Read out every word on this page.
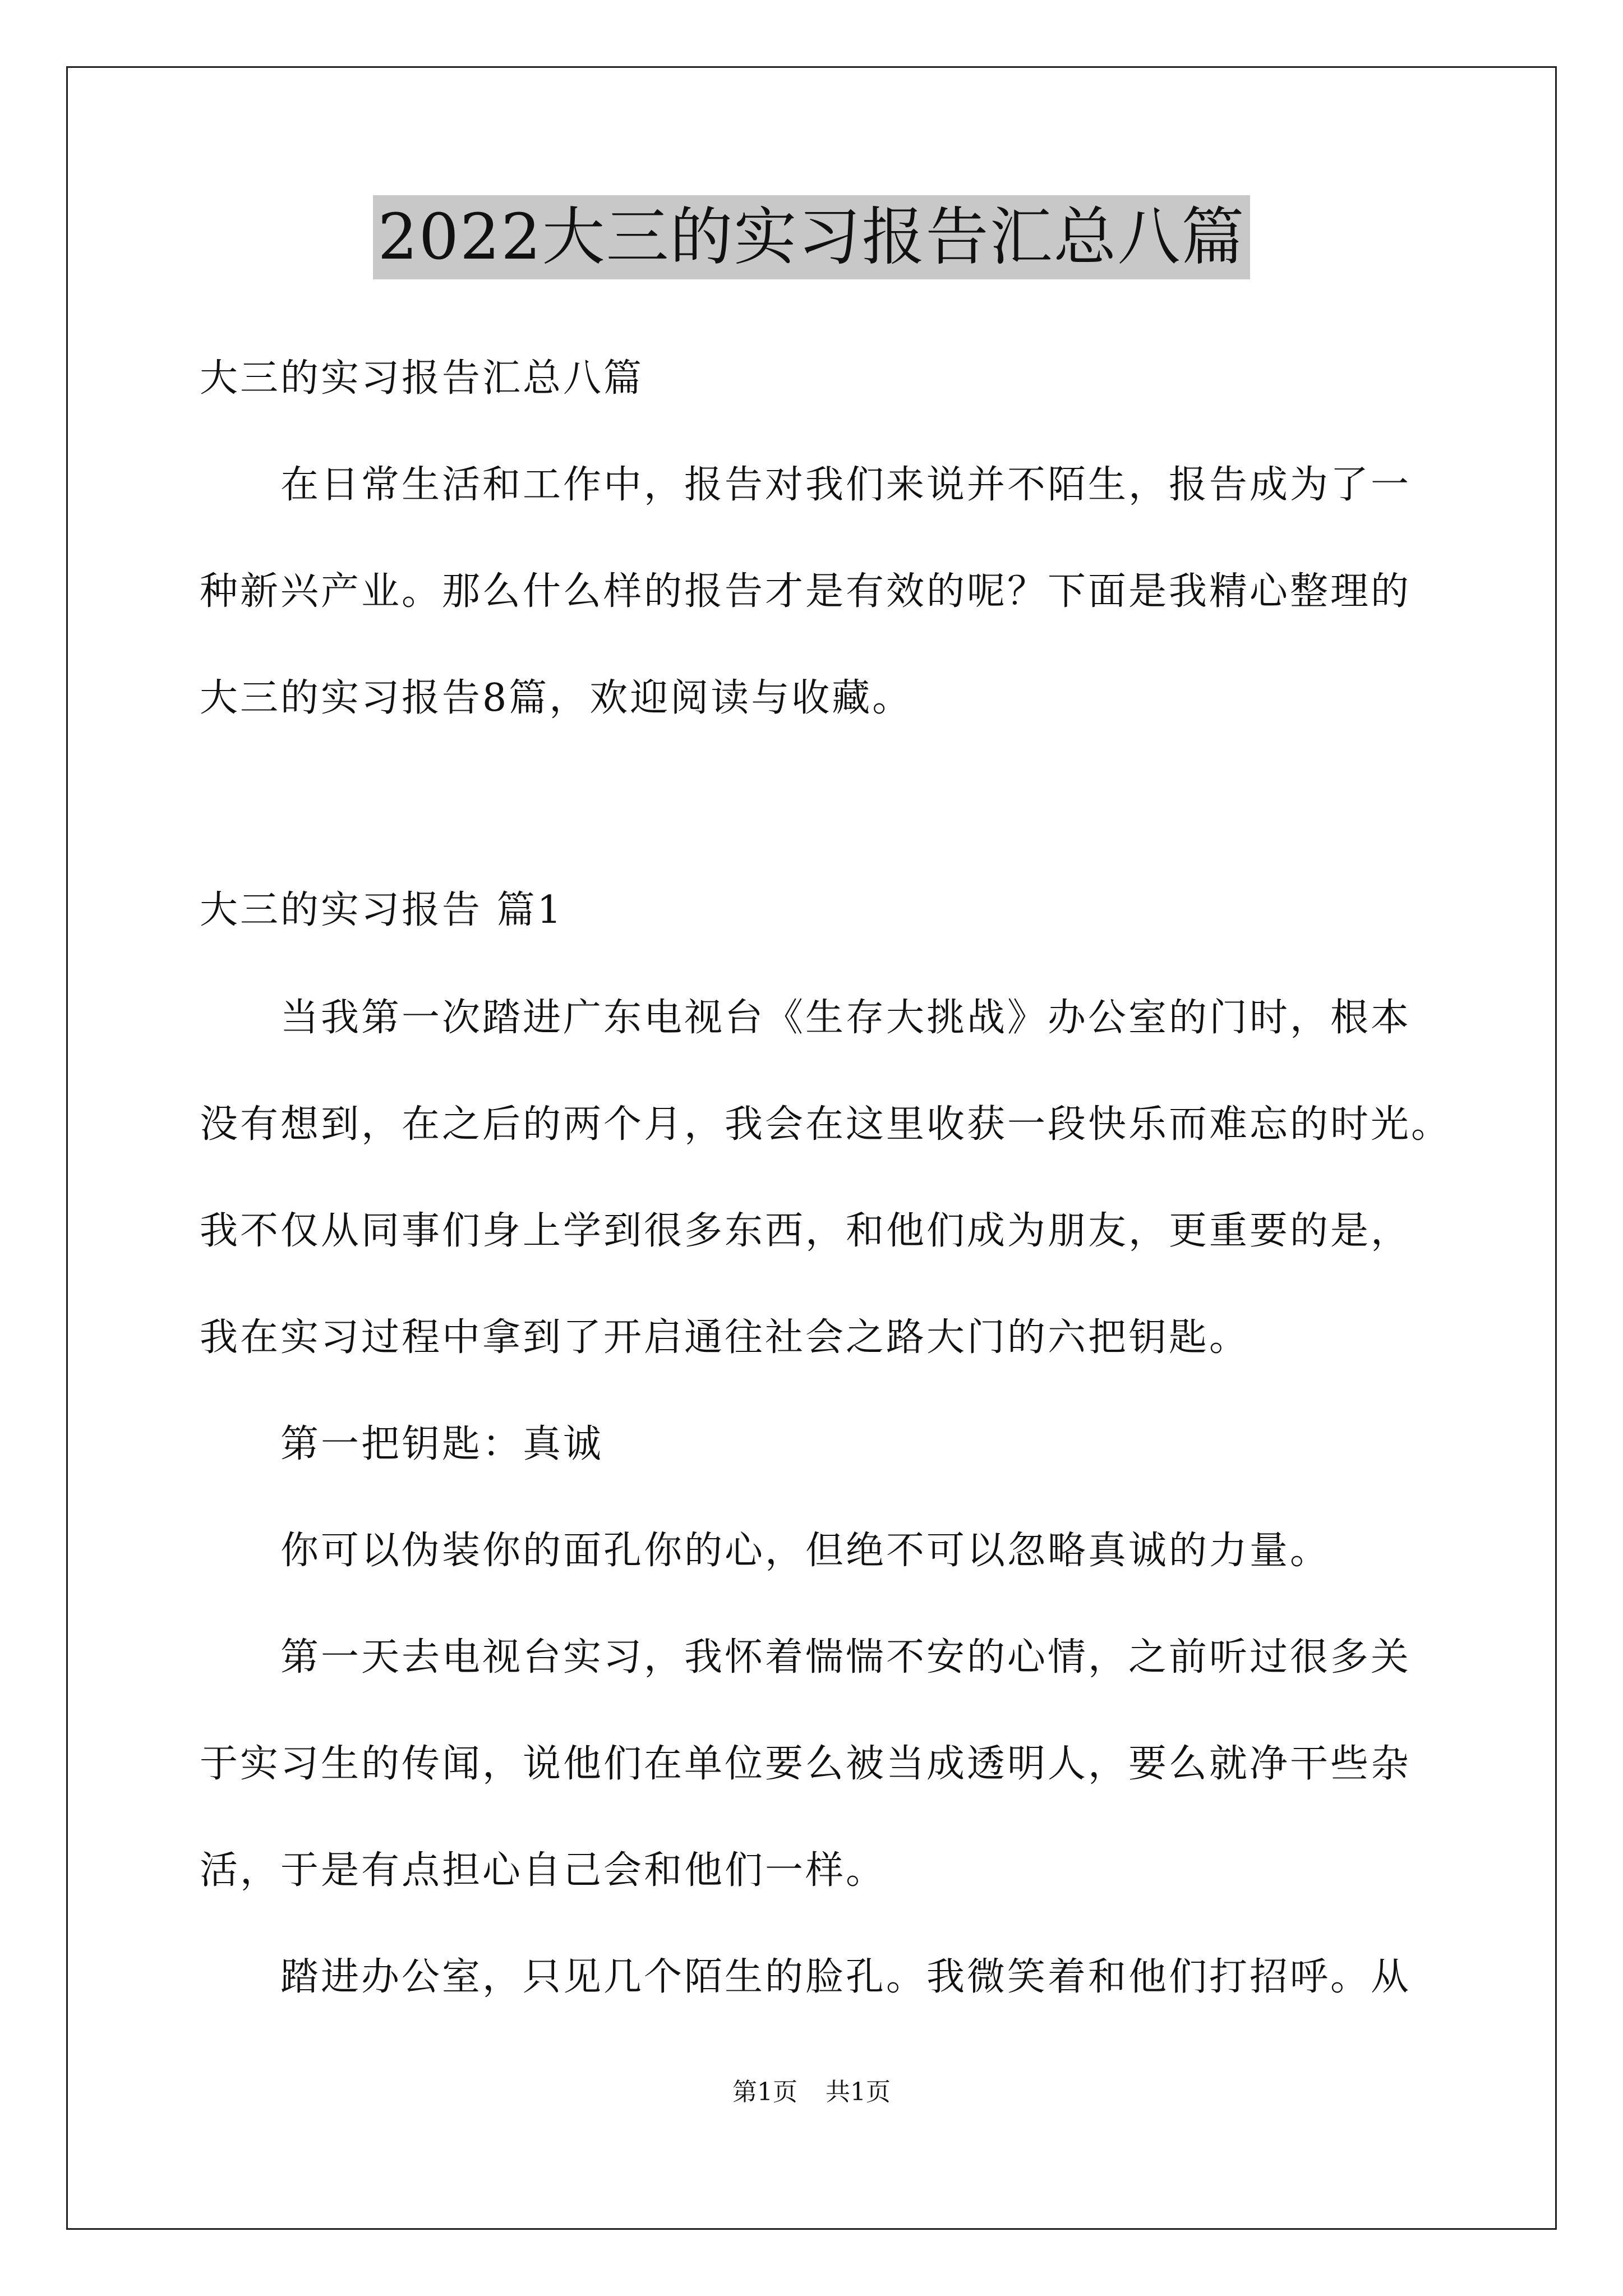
2022大三的实习报告汇总八篇
大三的实习报告汇总八篇
在日常生活和工作中，报告对我们来说并不陌生，报告成为了一
种新兴产业。那么什么样的报告才是有效的呢？下面是我精心整理的
大三的实习报告8篇，欢迎阅读与收藏。
大三的实习报告 篇1
当我第一次踏进广东电视台《生存大挑战》办公室的门时，根本
没有想到，在之后的两个月，我会在这里收获一段快乐而难忘的时光。
我不仅从同事们身上学到很多东西，和他们成为朋友，更重要的是，
我在实习过程中拿到了开启通往社会之路大门的六把钥匙。
第一把钥匙：真诚
你可以伪装你的面孔你的心，但绝不可以忽略真诚的力量。
第一天去电视台实习，我怀着惴惴不安的心情，之前听过很多关
于实习生的传闻，说他们在单位要么被当成透明人，要么就净干些杂
活，于是有点担心自己会和他们一样。
踏进办公室，只见几个陌生的脸孔。我微笑着和他们打招呼。从
第1页 共1页
